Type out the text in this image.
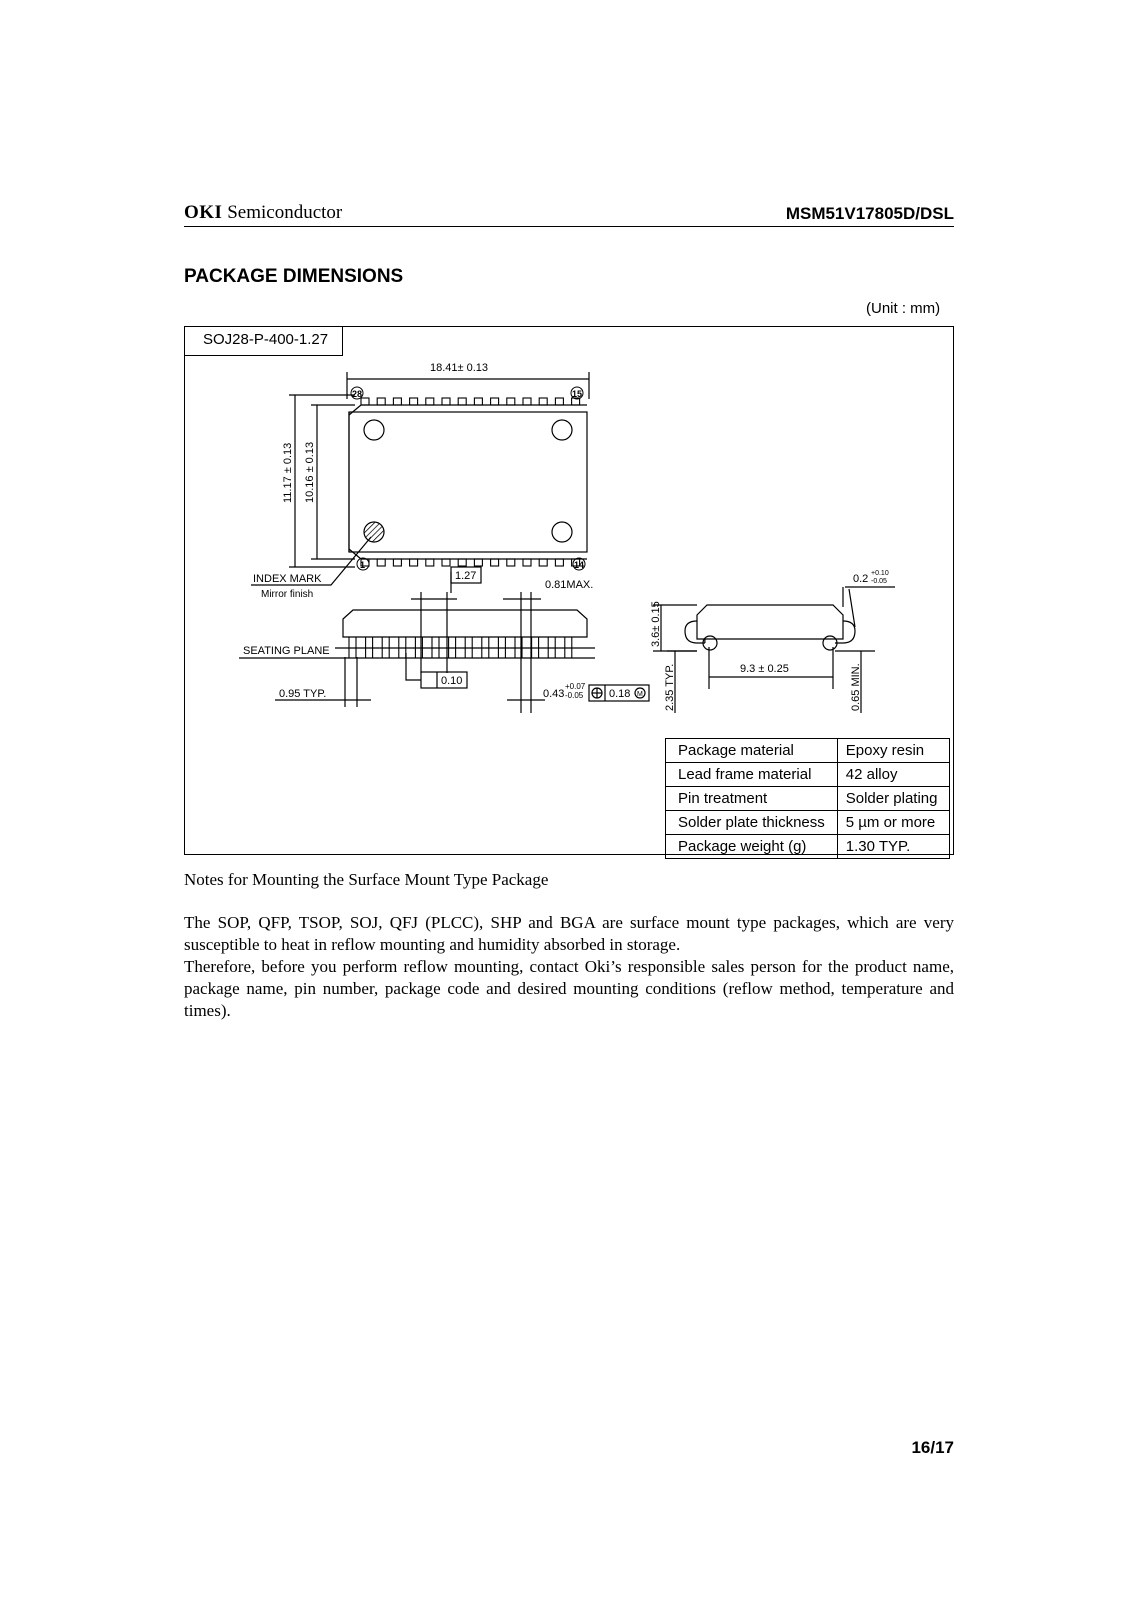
OKI Semiconductor	MSM51V17805D/DSL
PACKAGE DIMENSIONS
(Unit : mm)
SOJ28-P-400-1.27
18.41± 0.13
11.17 ± 0.13 10.16 ± 0.13
28	15
1	14
INDEX MARK
Mirror finish
1.27
0.81MAX.
SEATING PLANE
0.10
0.95 TYP.	0.43
+0.07
-0.05 0.18 M
3.6± 0.15
2.35 TYP.	9.3 ± 0.25	0.65 MIN.
0.2 +0.10
-0.05
Package material	Epoxy resin
Lead frame material	42 alloy
Pin treatment	Solder plating
Solder plate thickness	5 µm or more
Package weight (g)	1.30 TYP.
Notes for Mounting the Surface Mount Type Package

The SOP, QFP, TSOP, SOJ, QFJ (PLCC), SHP and BGA are surface mount type packages, which are very susceptible to heat in reflow mounting and humidity absorbed in storage.

Therefore, before you perform reflow mounting, contact Oki’s responsible sales person for the product name, package name, pin number, package code and desired mounting conditions (reflow method, temperature and times).

16/17
